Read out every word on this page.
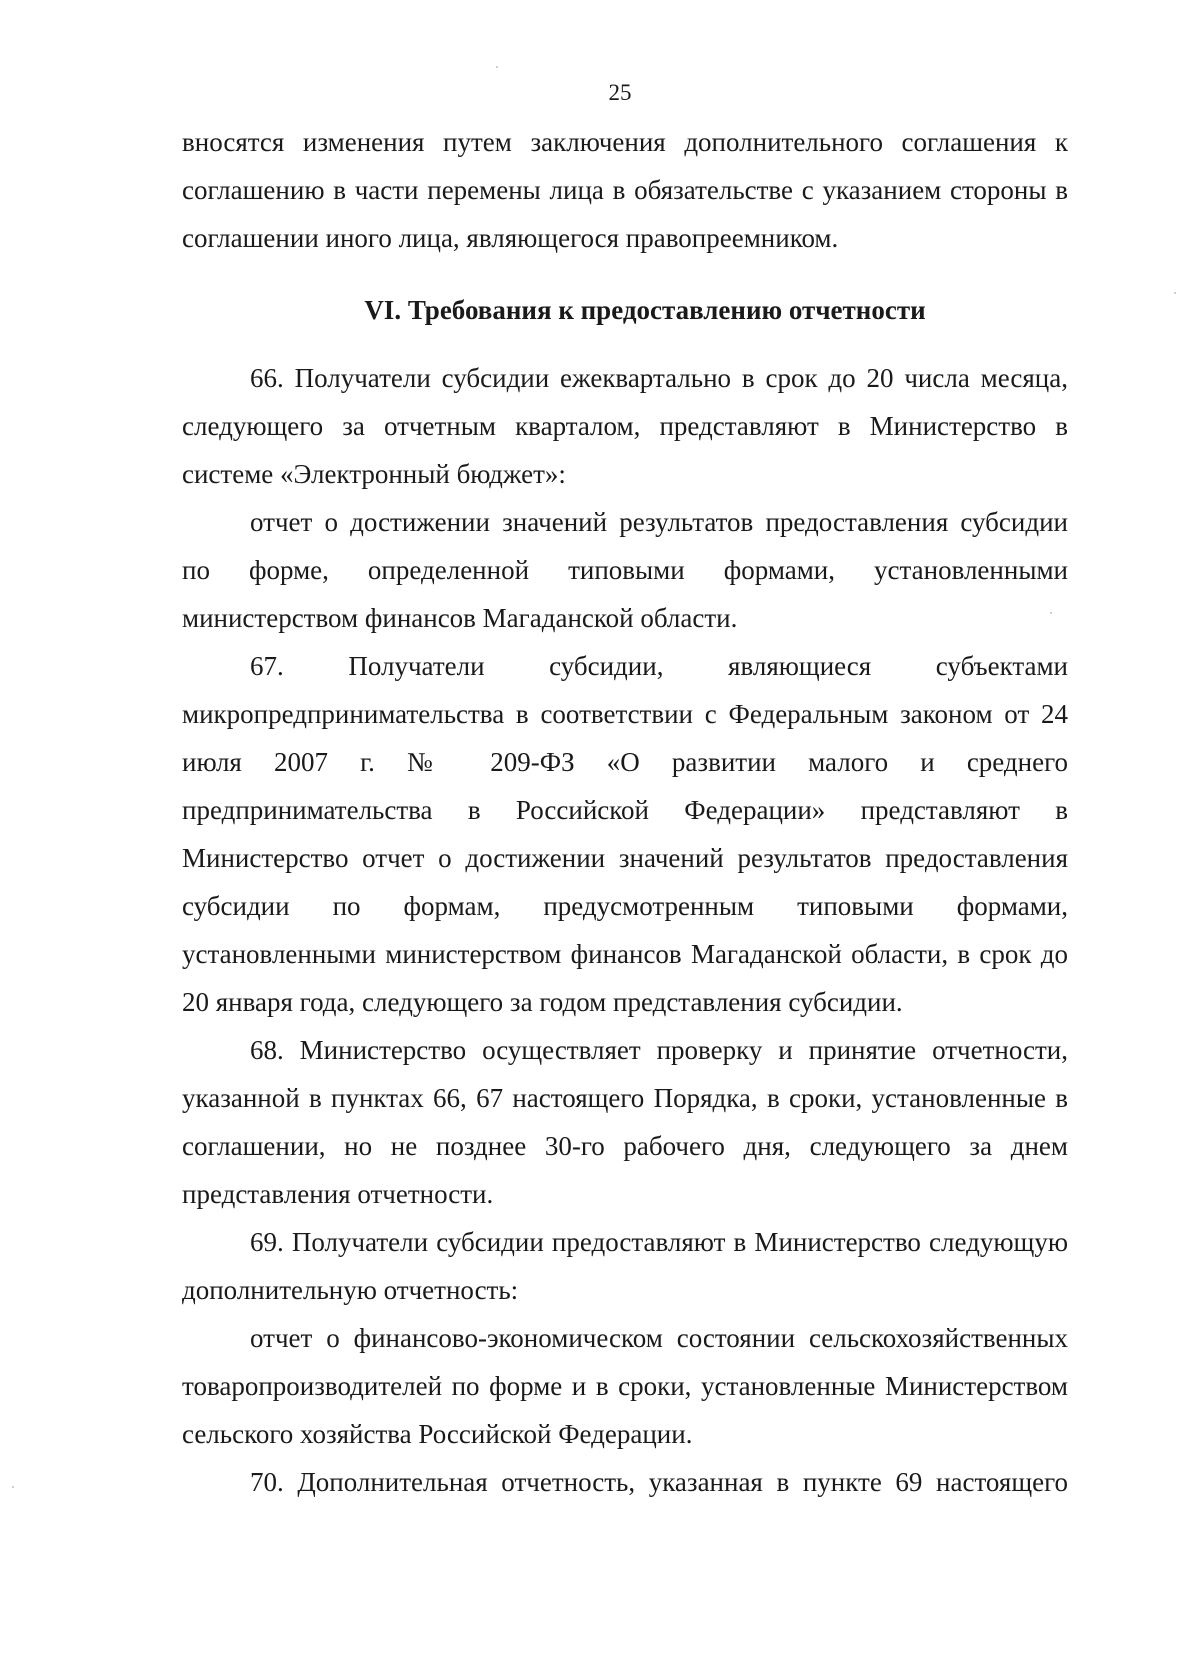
25

вносятся изменения путем заключения дополнительного соглашения к соглашению в части перемены лица в обязательстве с указанием стороны в соглашении иного лица, являющегося правопреемником.

VI. Требования к предоставлению отчетности

66. Получатели субсидии ежеквартально в срок до 20 числа месяца, следующего за отчетным кварталом, представляют в Министерство в системе «Электронный бюджет»:

отчет о достижении значений результатов предоставления субсидии по форме, определенной типовыми формами, установленными министерством финансов Магаданской области.

67. Получатели субсидии, являющиеся субъектами микропредпринимательства в соответствии с Федеральным законом от 24 июля 2007 г. № 209-ФЗ «О развитии малого и среднего предпринимательства в Российской Федерации» представляют в Министерство отчет о достижении значений результатов предоставления субсидии по формам, предусмотренным типовыми формами, установленными министерством финансов Магаданской области, в срок до 20 января года, следующего за годом представления субсидии.

68. Министерство осуществляет проверку и принятие отчетности, указанной в пунктах 66, 67 настоящего Порядка, в сроки, установленные в соглашении, но не позднее 30-го рабочего дня, следующего за днем представления отчетности.

69. Получатели субсидии предоставляют в Министерство следующую дополнительную отчетность:

отчет о финансово-экономическом состоянии сельскохозяйственных товаропроизводителей по форме и в сроки, установленные Министерством сельского хозяйства Российской Федерации.

70. Дополнительная отчетность, указанная в пункте 69 настоящего
